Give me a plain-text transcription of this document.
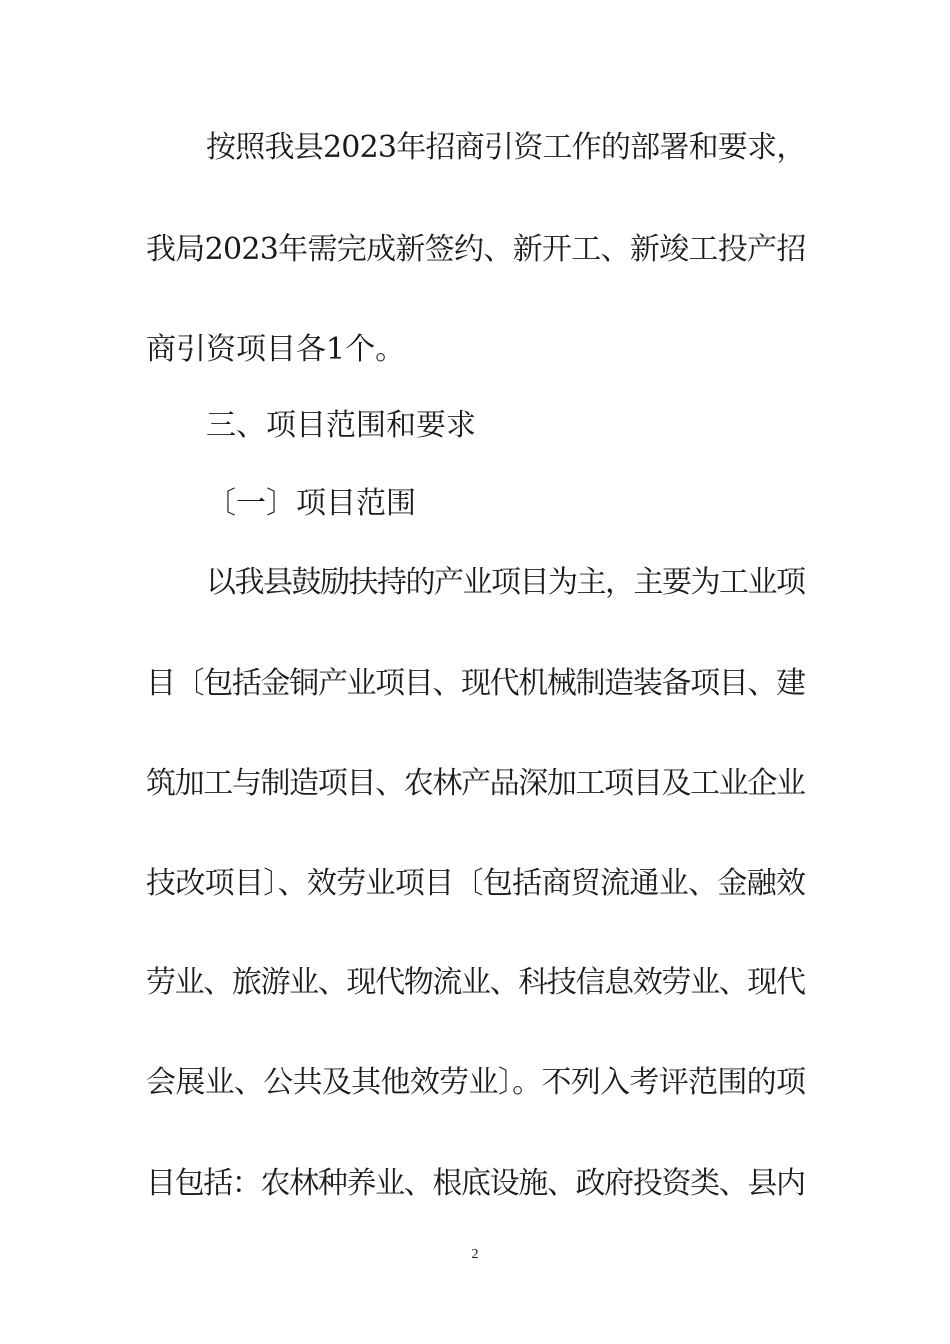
按照我县2023年招商引资工作的部署和要求，
我局2023年需完成新签约、新开工、新竣工投产招
商引资项目各1个。
三、项目范围和要求
〔一〕项目范围
以我县鼓励扶持的产业项目为主，主要为工业项
目〔包括金铜产业项目、现代机械制造装备项目、建
筑加工与制造项目、农林产品深加工项目及工业企业
技改项目〕、效劳业项目〔包括商贸流通业、金融效
劳业、旅游业、现代物流业、科技信息效劳业、现代
会展业、公共及其他效劳业〕。不列入考评范围的项
目包括：农林种养业、根底设施、政府投资类、县内
2
